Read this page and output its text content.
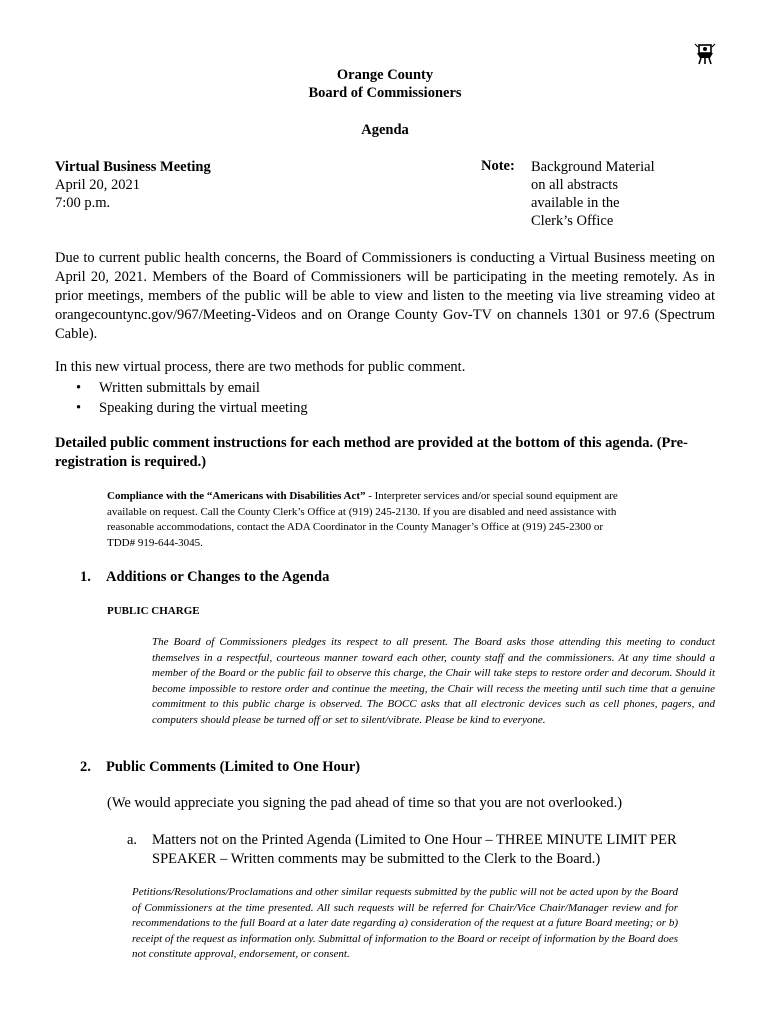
Orange County
Board of Commissioners
Agenda
Virtual Business Meeting
April 20, 2021
7:00 p.m.
Note: Background Material
on all abstracts
available in the
Clerk’s Office
Due to current public health concerns, the Board of Commissioners is conducting a Virtual Business meeting on April 20, 2021. Members of the Board of Commissioners will be participating in the meeting remotely. As in prior meetings, members of the public will be able to view and listen to the meeting via live streaming video at orangecountync.gov/967/Meeting-Videos and on Orange County Gov-TV on channels 1301 or 97.6 (Spectrum Cable).
In this new virtual process, there are two methods for public comment.
• Written submittals by email
• Speaking during the virtual meeting
Detailed public comment instructions for each method are provided at the bottom of this agenda. (Pre-registration is required.)
Compliance with the “Americans with Disabilities Act” - Interpreter services and/or special sound equipment are available on request. Call the County Clerk’s Office at (919) 245-2130. If you are disabled and need assistance with reasonable accommodations, contact the ADA Coordinator in the County Manager’s Office at (919) 245-2300 or TDD# 919-644-3045.
1. Additions or Changes to the Agenda
PUBLIC CHARGE
The Board of Commissioners pledges its respect to all present. The Board asks those attending this meeting to conduct themselves in a respectful, courteous manner toward each other, county staff and the commissioners. At any time should a member of the Board or the public fail to observe this charge, the Chair will take steps to restore order and decorum. Should it become impossible to restore order and continue the meeting, the Chair will recess the meeting until such time that a genuine commitment to this public charge is observed. The BOCC asks that all electronic devices such as cell phones, pagers, and computers should please be turned off or set to silent/vibrate. Please be kind to everyone.
2. Public Comments (Limited to One Hour)
(We would appreciate you signing the pad ahead of time so that you are not overlooked.)
a.	Matters not on the Printed Agenda (Limited to One Hour – THREE MINUTE LIMIT PER SPEAKER – Written comments may be submitted to the Clerk to the Board.)
Petitions/Resolutions/Proclamations and other similar requests submitted by the public will not be acted upon by the Board of Commissioners at the time presented. All such requests will be referred for Chair/Vice Chair/Manager review and for recommendations to the full Board at a later date regarding a) consideration of the request at a future Board meeting; or b) receipt of the request as information only. Submittal of information to the Board or receipt of information by the Board does not constitute approval, endorsement, or consent.
